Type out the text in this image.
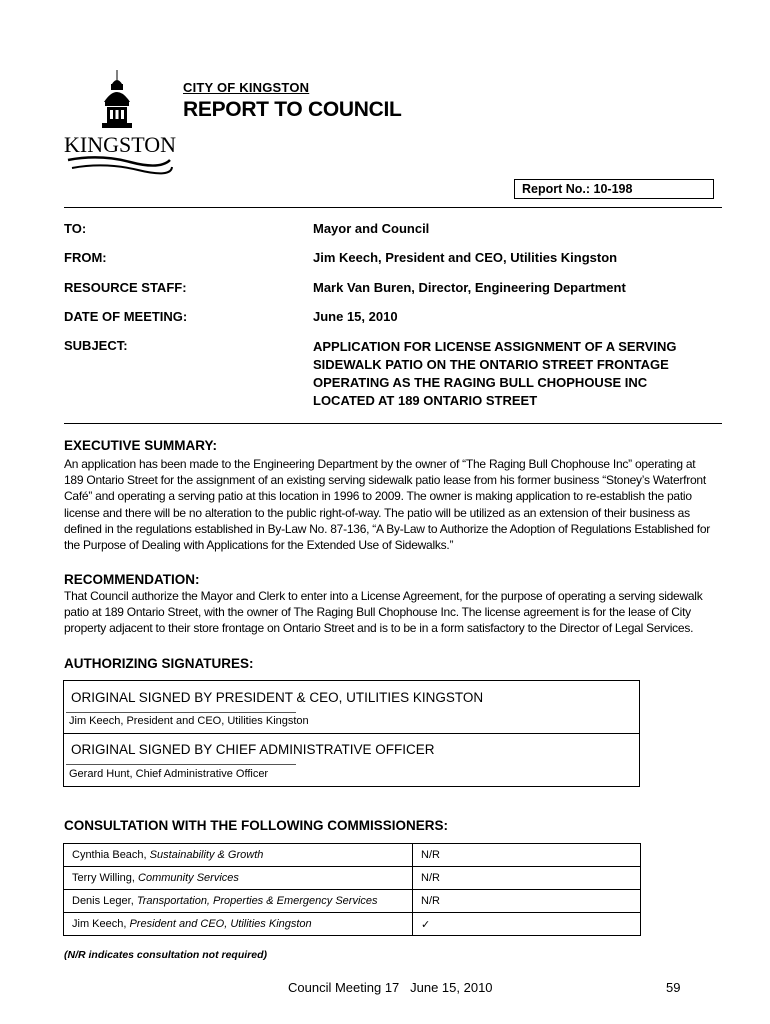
KINGSTON
CITY OF KINGSTON
REPORT TO COUNCIL
Report No.: 10-198
TO:	Mayor and Council
FROM:	Jim Keech, President and CEO, Utilities Kingston
RESOURCE STAFF:	Mark Van Buren, Director, Engineering Department
DATE OF MEETING:	June 15, 2010
SUBJECT:	APPLICATION FOR LICENSE ASSIGNMENT OF A SERVING
SIDEWALK PATIO ON THE ONTARIO STREET FRONTAGE
OPERATING AS THE RAGING BULL CHOPHOUSE INC
LOCATED AT 189 ONTARIO STREET
EXECUTIVE SUMMARY:
An application has been made to the Engineering Department by the owner of “The Raging Bull Chophouse Inc” operating at
189 Ontario Street for the assignment of an existing serving sidewalk patio lease from his former business “Stoney’s Waterfront
Café” and operating a serving patio at this location in 1996 to 2009. The owner is making application to re-establish the patio
license and there will be no alteration to the public right-of-way. The patio will be utilized as an extension of their business as
defined in the regulations established in By-Law No. 87-136, “A By-Law to Authorize the Adoption of Regulations Established for
the Purpose of Dealing with Applications for the Extended Use of Sidewalks.”
RECOMMENDATION:
That Council authorize the Mayor and Clerk to enter into a License Agreement, for the purpose of operating a serving sidewalk
patio at 189 Ontario Street, with the owner of The Raging Bull Chophouse Inc. The license agreement is for the lease of City
property adjacent to their store frontage on Ontario Street and is to be in a form satisfactory to the Director of Legal Services.
AUTHORIZING SIGNATURES:
ORIGINAL SIGNED BY PRESIDENT & CEO, UTILITIES KINGSTON
Jim Keech, President and CEO, Utilities Kingston
ORIGINAL SIGNED BY CHIEF ADMINISTRATIVE OFFICER
Gerard Hunt, Chief Administrative Officer
CONSULTATION WITH THE FOLLOWING COMMISSIONERS:
Cynthia Beach, Sustainability & Growth	N/R
Terry Willing, Community Services	N/R
Denis Leger, Transportation, Properties & Emergency Services	N/R
Jim Keech, President and CEO, Utilities Kingston	✓
(N/R indicates consultation not required)
Council Meeting 17   June 15, 2010	59
